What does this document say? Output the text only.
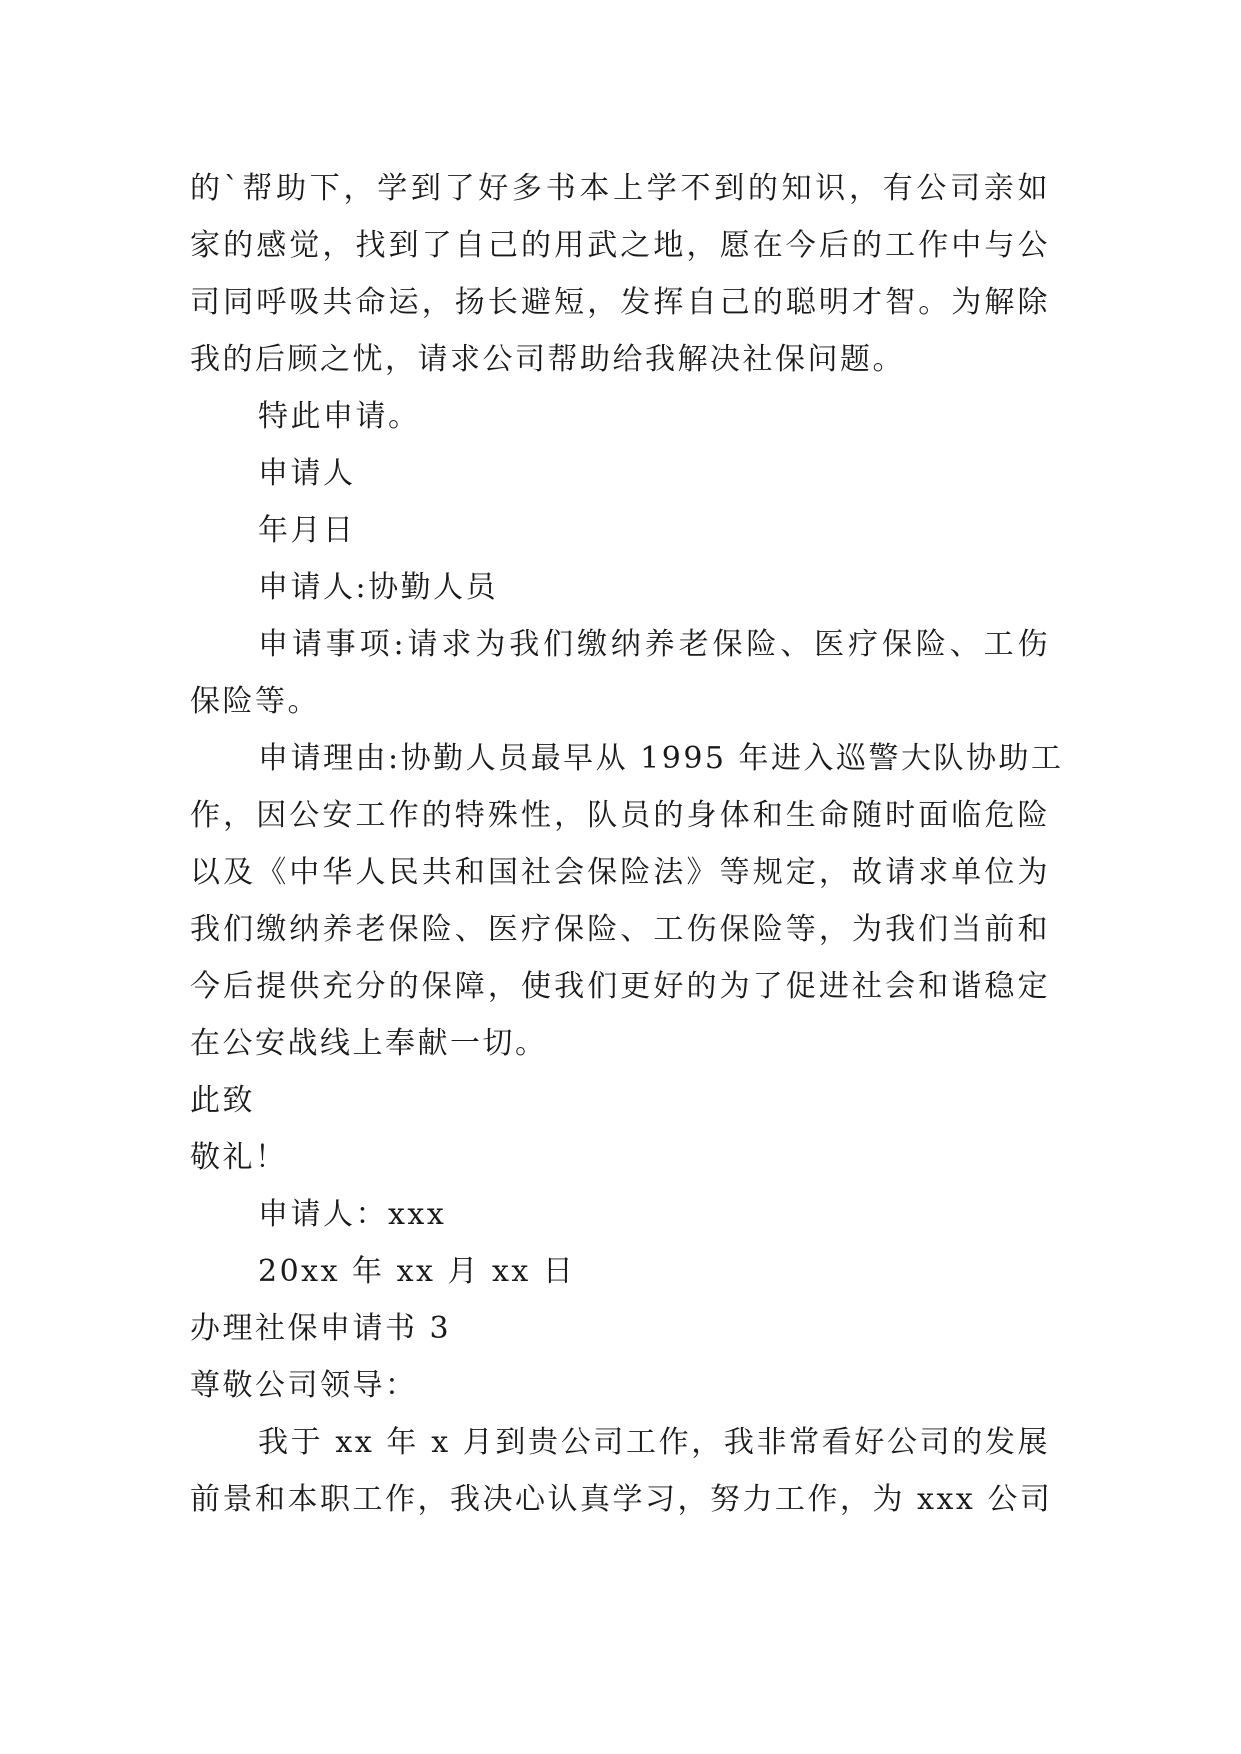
的`帮助下，学到了好多书本上学不到的知识，有公司亲如
家的感觉，找到了自己的用武之地，愿在今后的工作中与公
司同呼吸共命运，扬长避短，发挥自己的聪明才智。为解除
我的后顾之忧，请求公司帮助给我解决社保问题。
特此申请。
申请人
年月日
申请人:协勤人员
申请事项:请求为我们缴纳养老保险、医疗保险、工伤
保险等。
申请理由:协勤人员最早从 1995 年进入巡警大队协助工
作，因公安工作的特殊性，队员的身体和生命随时面临危险
以及《中华人民共和国社会保险法》等规定，故请求单位为
我们缴纳养老保险、医疗保险、工伤保险等，为我们当前和
今后提供充分的保障，使我们更好的为了促进社会和谐稳定
在公安战线上奉献一切。
此致
敬礼！
申请人：xxx
20xx 年 xx 月 xx 日
办理社保申请书 3
尊敬公司领导：
我于 xx 年 x 月到贵公司工作，我非常看好公司的发展
前景和本职工作，我决心认真学习，努力工作，为 xxx 公司
